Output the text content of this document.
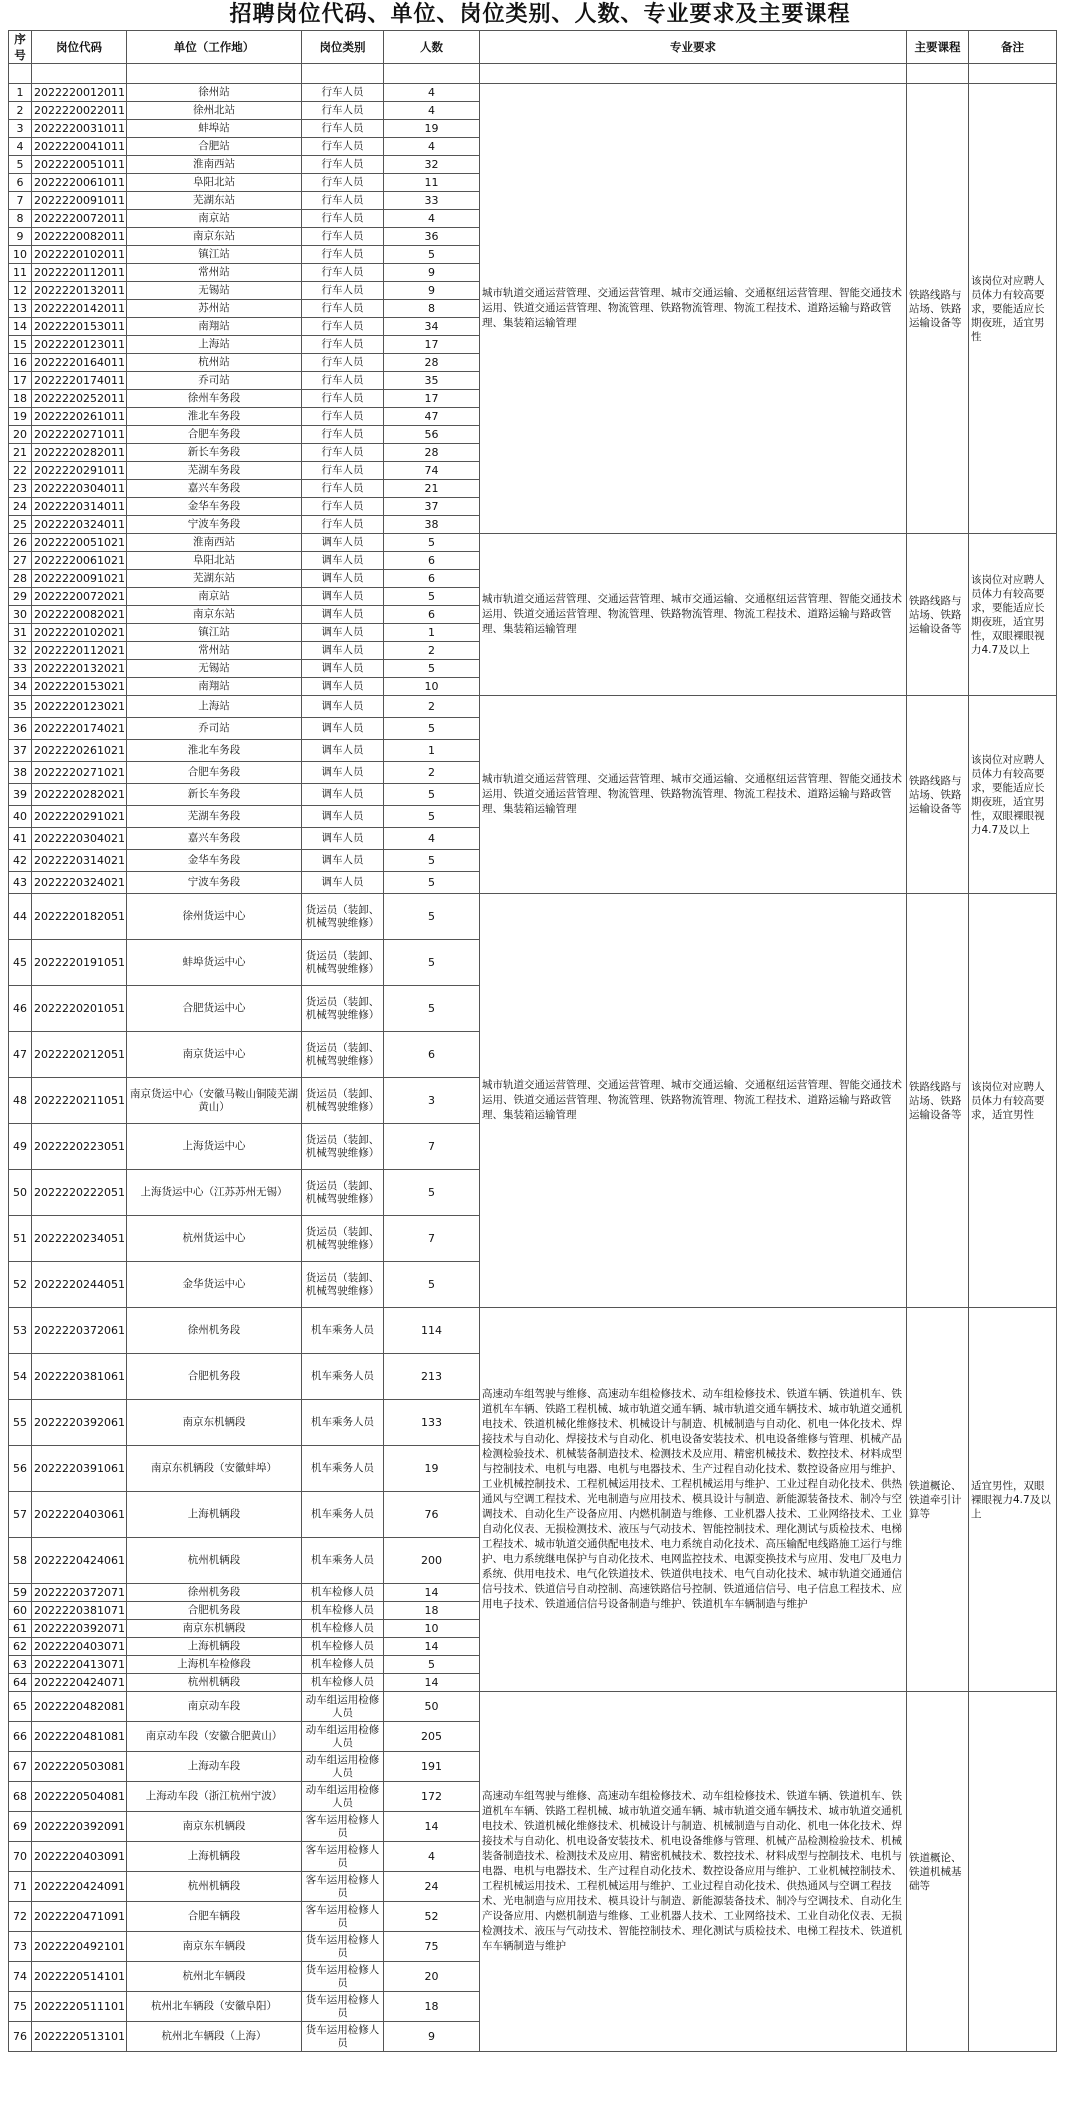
招聘岗位代码、单位、岗位类别、人数、专业要求及主要课程
序号	岗位代码	单位（工作地）	岗位类别	人数	专业要求	主要课程	备注

1	2022220012011	徐州站	行车人员	4	城市轨道交通运营管理、交通运营管理、城市交通运输、交通枢纽运营管理、智能交通技术运用、铁道交通运营管理、物流管理、铁路物流管理、物流工程技术、道路运输与路政管理、集装箱运输管理	铁路线路与站场、铁路运输设备等	该岗位对应聘人员体力有较高要求，要能适应长期夜班，适宜男性
2	2022220022011	徐州北站	行车人员	4			
3	2022220031011	蚌埠站	行车人员	19			
4	2022220041011	合肥站	行车人员	4			
5	2022220051011	淮南西站	行车人员	32			
6	2022220061011	阜阳北站	行车人员	11			
7	2022220091011	芜湖东站	行车人员	33			
8	2022220072011	南京站	行车人员	4			
9	2022220082011	南京东站	行车人员	36			
10	2022220102011	镇江站	行车人员	5			
11	2022220112011	常州站	行车人员	9			
12	2022220132011	无锡站	行车人员	9			
13	2022220142011	苏州站	行车人员	8			
14	2022220153011	南翔站	行车人员	34			
15	2022220123011	上海站	行车人员	17			
16	2022220164011	杭州站	行车人员	28			
17	2022220174011	乔司站	行车人员	35			
18	2022220252011	徐州车务段	行车人员	17			
19	2022220261011	淮北车务段	行车人员	47			
20	2022220271011	合肥车务段	行车人员	56			
21	2022220282011	新长车务段	行车人员	28			
22	2022220291011	芜湖车务段	行车人员	74			
23	2022220304011	嘉兴车务段	行车人员	21			
24	2022220314011	金华车务段	行车人员	37			
25	2022220324011	宁波车务段	行车人员	38			
26	2022220051021	淮南西站	调车人员	5	城市轨道交通运营管理、交通运营管理、城市交通运输、交通枢纽运营管理、智能交通技术运用、铁道交通运营管理、物流管理、铁路物流管理、物流工程技术、道路运输与路政管理、集装箱运输管理	铁路线路与站场、铁路运输设备等	该岗位对应聘人员体力有较高要求，要能适应长期夜班，适宜男性，双眼裸眼视力4.7及以上
27	2022220061021	阜阳北站	调车人员	6			
28	2022220091021	芜湖东站	调车人员	6			
29	2022220072021	南京站	调车人员	5			
30	2022220082021	南京东站	调车人员	6			
31	2022220102021	镇江站	调车人员	1			
32	2022220112021	常州站	调车人员	2			
33	2022220132021	无锡站	调车人员	5			
34	2022220153021	南翔站	调车人员	10			
35	2022220123021	上海站	调车人员	2	城市轨道交通运营管理、交通运营管理、城市交通运输、交通枢纽运营管理、智能交通技术运用、铁道交通运营管理、物流管理、铁路物流管理、物流工程技术、道路运输与路政管理、集装箱运输管理	铁路线路与站场、铁路运输设备等	该岗位对应聘人员体力有较高要求，要能适应长期夜班，适宜男性，双眼裸眼视力4.7及以上
36	2022220174021	乔司站	调车人员	5			
37	2022220261021	淮北车务段	调车人员	1			
38	2022220271021	合肥车务段	调车人员	2			
39	2022220282021	新长车务段	调车人员	5			
40	2022220291021	芜湖车务段	调车人员	5			
41	2022220304021	嘉兴车务段	调车人员	4			
42	2022220314021	金华车务段	调车人员	5			
43	2022220324021	宁波车务段	调车人员	5			
44	2022220182051	徐州货运中心	货运员（装卸、机械驾驶维修）	5	城市轨道交通运营管理、交通运营管理、城市交通运输、交通枢纽运营管理、智能交通技术运用、铁道交通运营管理、物流管理、铁路物流管理、物流工程技术、道路运输与路政管理、集装箱运输管理	铁路线路与站场、铁路运输设备等	该岗位对应聘人员体力有较高要求，适宜男性
45	2022220191051	蚌埠货运中心	货运员（装卸、机械驾驶维修）	5			
46	2022220201051	合肥货运中心	货运员（装卸、机械驾驶维修）	5			
47	2022220212051	南京货运中心	货运员（装卸、机械驾驶维修）	6			
48	2022220211051	南京货运中心（安徽马鞍山铜陵芜湖黄山）	货运员（装卸、机械驾驶维修）	3			
49	2022220223051	上海货运中心	货运员（装卸、机械驾驶维修）	7			
50	2022220222051	上海货运中心（江苏苏州无锡）	货运员（装卸、机械驾驶维修）	5			
51	2022220234051	杭州货运中心	货运员（装卸、机械驾驶维修）	7			
52	2022220244051	金华货运中心	货运员（装卸、机械驾驶维修）	5			
53	2022220372061	徐州机务段	机车乘务人员	114	高速动车组驾驶与维修、高速动车组检修技术、动车组检修技术、铁道车辆、铁道机车、铁道机车车辆、铁路工程机械、城市轨道交通车辆、城市轨道交通车辆技术、城市轨道交通机电技术、铁道机械化维修技术、机械设计与制造、机械制造与自动化、机电一体化技术、焊接技术与自动化、焊接技术与自动化、机电设备安装技术、机电设备维修与管理、机械产品检测检验技术、机械装备制造技术、检测技术及应用、精密机械技术、数控技术、材料成型与控制技术、电机与电器、电机与电器技术、生产过程自动化技术、数控设备应用与维护、工业机械控制技术、工程机械运用技术、工程机械运用与维护、工业过程自动化技术、供热通风与空调工程技术、光电制造与应用技术、模具设计与制造、新能源装备技术、制冷与空调技术、自动化生产设备应用、内燃机制造与维修、工业机器人技术、工业网络技术、工业自动化仪表、无损检测技术、液压与气动技术、智能控制技术、理化测试与质检技术、电梯工程技术、城市轨道交通供配电技术、电力系统自动化技术、高压输配电线路施工运行与维护、电力系统继电保护与自动化技术、电网监控技术、电源变换技术与应用、发电厂及电力系统、供用电技术、电气化铁道技术、铁道供电技术、电气自动化技术、城市轨道交通通信信号技术、铁道信号自动控制、高速铁路信号控制、铁道通信信号、电子信息工程技术、应用电子技术、铁道通信信号设备制造与维护、铁道机车车辆制造与维护	铁道概论、铁道牵引计算等	适宜男性，双眼裸眼视力4.7及以上
54	2022220381061	合肥机务段	机车乘务人员	213			
55	2022220392061	南京东机辆段	机车乘务人员	133			
56	2022220391061	南京东机辆段（安徽蚌埠）	机车乘务人员	19			
57	2022220403061	上海机辆段	机车乘务人员	76			
58	2022220424061	杭州机辆段	机车乘务人员	200			
59	2022220372071	徐州机务段	机车检修人员	14			
60	2022220381071	合肥机务段	机车检修人员	18			
61	2022220392071	南京东机辆段	机车检修人员	10			
62	2022220403071	上海机辆段	机车检修人员	14			
63	2022220413071	上海机车检修段	机车检修人员	5			
64	2022220424071	杭州机辆段	机车检修人员	14			
65	2022220482081	南京动车段	动车组运用检修人员	50	高速动车组驾驶与维修、高速动车组检修技术、动车组检修技术、铁道车辆、铁道机车、铁道机车车辆、铁路工程机械、城市轨道交通车辆、城市轨道交通车辆技术、城市轨道交通机电技术、铁道机械化维修技术、机械设计与制造、机械制造与自动化、机电一体化技术、焊接技术与自动化、机电设备安装技术、机电设备维修与管理、机械产品检测检验技术、机械装备制造技术、检测技术及应用、精密机械技术、数控技术、材料成型与控制技术、电机与电器、电机与电器技术、生产过程自动化技术、数控设备应用与维护、工业机械控制技术、工程机械运用技术、工程机械运用与维护、工业过程自动化技术、供热通风与空调工程技术、光电制造与应用技术、模具设计与制造、新能源装备技术、制冷与空调技术、自动化生产设备应用、内燃机制造与维修、工业机器人技术、工业网络技术、工业自动化仪表、无损检测技术、液压与气动技术、智能控制技术、理化测试与质检技术、电梯工程技术、铁道机车车辆制造与维护	铁道概论、铁道机械基础等	
66	2022220481081	南京动车段（安徽合肥黄山）	动车组运用检修人员	205			
67	2022220503081	上海动车段	动车组运用检修人员	191			
68	2022220504081	上海动车段（浙江杭州宁波）	动车组运用检修人员	172			
69	2022220392091	南京东机辆段	客车运用检修人员	14			
70	2022220403091	上海机辆段	客车运用检修人员	4			
71	2022220424091	杭州机辆段	客车运用检修人员	24			
72	2022220471091	合肥车辆段	客车运用检修人员	52			
73	2022220492101	南京东车辆段	货车运用检修人员	75			
74	2022220514101	杭州北车辆段	货车运用检修人员	20			
75	2022220511101	杭州北车辆段（安徽阜阳）	货车运用检修人员	18			
76	2022220513101	杭州北车辆段（上海）	货车运用检修人员	9			
